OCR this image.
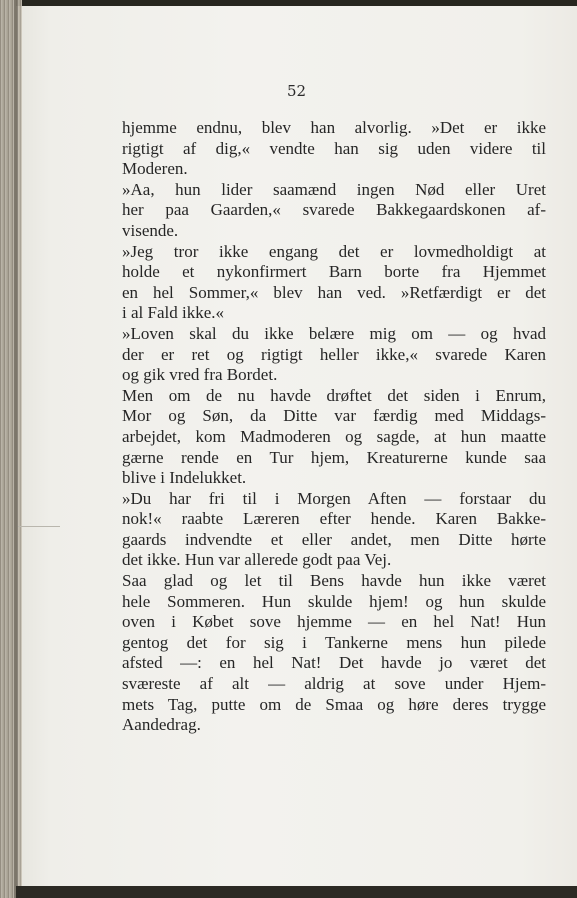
52
hjemme endnu, blev han alvorlig. »Det er ikke
rigtigt af dig,« vendte han sig uden videre til
Moderen.
»Aa, hun lider saamænd ingen Nød eller Uret
her paa Gaarden,« svarede Bakkegaardskonen af-
visende.
»Jeg tror ikke engang det er lovmedholdigt at
holde et nykonfirmert Barn borte fra Hjemmet
en hel Sommer,« blev han ved. »Retfærdigt er det
i al Fald ikke.«
»Loven skal du ikke belære mig om — og hvad
der er ret og rigtigt heller ikke,« svarede Karen
og gik vred fra Bordet.
Men om de nu havde drøftet det siden i Enrum,
Mor og Søn, da Ditte var færdig med Middags-
arbejdet, kom Madmoderen og sagde, at hun maatte
gærne rende en Tur hjem, Kreaturerne kunde saa
blive i Indelukket.
»Du har fri til i Morgen Aften — forstaar du
nok!« raabte Læreren efter hende. Karen Bakke-
gaards indvendte et eller andet, men Ditte hørte
det ikke. Hun var allerede godt paa Vej.
Saa glad og let til Bens havde hun ikke været
hele Sommeren. Hun skulde hjem! og hun skulde
oven i Købet sove hjemme — en hel Nat! Hun
gentog det for sig i Tankerne mens hun pilede
afsted —: en hel Nat! Det havde jo været det
sværeste af alt — aldrig at sove under Hjem-
mets Tag, putte om de Smaa og høre deres trygge
Aandedrag.
